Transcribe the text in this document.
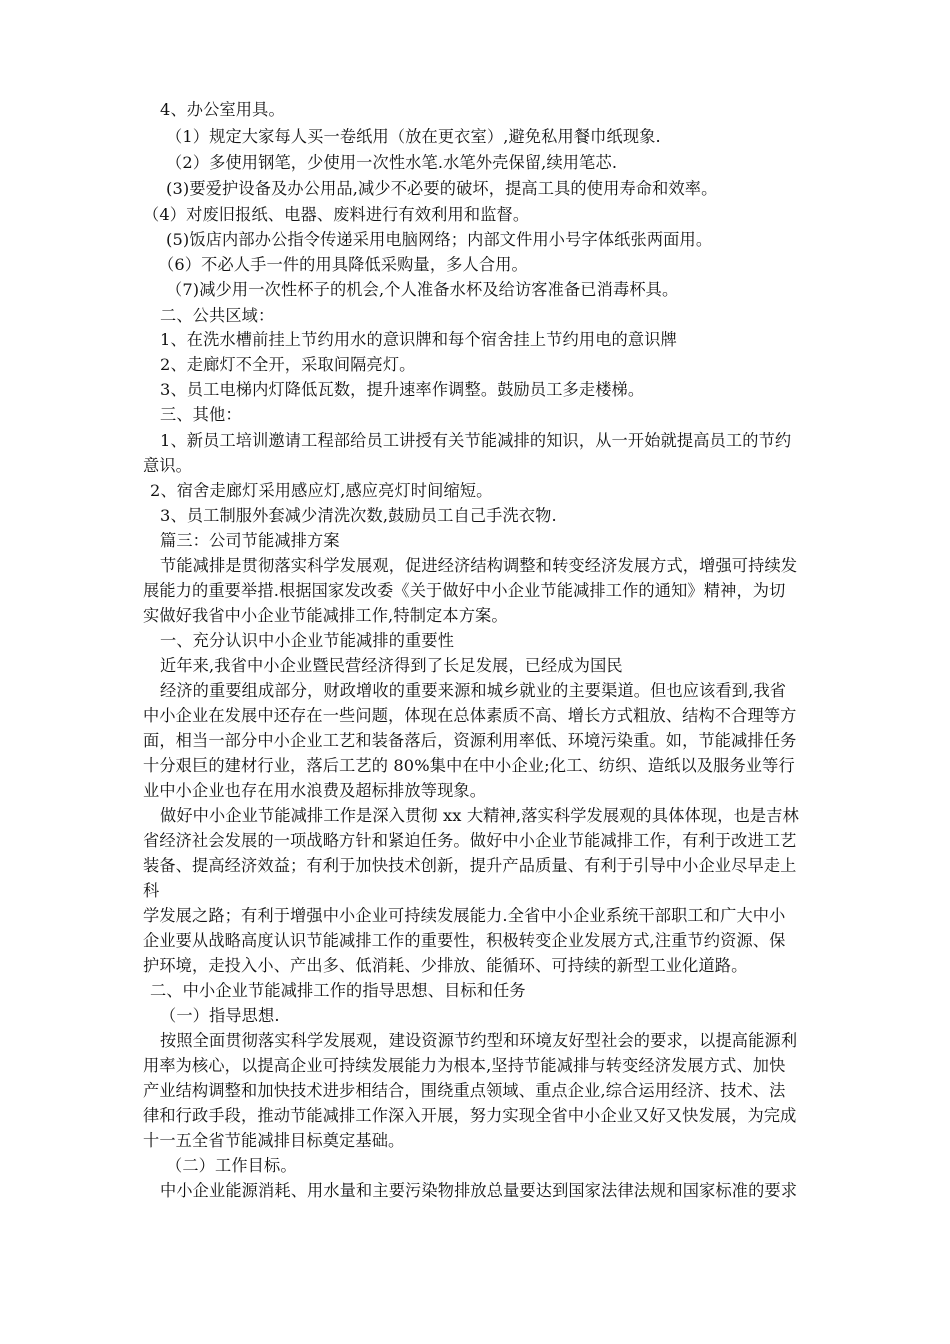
4、办公室用具。
（1）规定大家每人买一卷纸用（放在更衣室）,避免私用餐巾纸现象.
（2）多使用钢笔，少使用一次性水笔.水笔外壳保留,续用笔芯.
(3)要爱护设备及办公用品,减少不必要的破坏，提高工具的使用寿命和效率。
（4）对废旧报纸、电器、废料进行有效利用和监督。
(5)饭店内部办公指令传递采用电脑网络；内部文件用小号字体纸张两面用。
（6）不必人手一件的用具降低采购量，多人合用。
（7)减少用一次性杯子的机会,个人准备水杯及给访客准备已消毒杯具。
二、公共区域：
1、在洗水槽前挂上节约用水的意识牌和每个宿舍挂上节约用电的意识牌
2、走廊灯不全开，采取间隔亮灯。
3、员工电梯内灯降低瓦数，提升速率作调整。鼓励员工多走楼梯。
三、其他：
1、新员工培训邀请工程部给员工讲授有关节能减排的知识，从一开始就提高员工的节约
意识。
2、宿舍走廊灯采用感应灯,感应亮灯时间缩短。
3、员工制服外套减少清洗次数,鼓励员工自己手洗衣物.
篇三：公司节能减排方案
节能减排是贯彻落实科学发展观，促进经济结构调整和转变经济发展方式，增强可持续发
展能力的重要举措.根据国家发改委《关于做好中小企业节能减排工作的通知》精神，为切
实做好我省中小企业节能减排工作,特制定本方案。
一、充分认识中小企业节能减排的重要性
近年来,我省中小企业暨民营经济得到了长足发展，已经成为国民
经济的重要组成部分，财政增收的重要来源和城乡就业的主要渠道。但也应该看到,我省
中小企业在发展中还存在一些问题，体现在总体素质不高、增长方式粗放、结构不合理等方
面，相当一部分中小企业工艺和装备落后，资源利用率低、环境污染重。如，节能减排任务
十分艰巨的建材行业，落后工艺的 80%集中在中小企业;化工、纺织、造纸以及服务业等行
业中小企业也存在用水浪费及超标排放等现象。
做好中小企业节能减排工作是深入贯彻 xx 大精神,落实科学发展观的具体体现，也是吉林
省经济社会发展的一项战略方针和紧迫任务。做好中小企业节能减排工作，有利于改进工艺
装备、提高经济效益；有利于加快技术创新，提升产品质量、有利于引导中小企业尽早走上
科
学发展之路；有利于增强中小企业可持续发展能力.全省中小企业系统干部职工和广大中小
企业要从战略高度认识节能减排工作的重要性，积极转变企业发展方式,注重节约资源、保
护环境，走投入小、产出多、低消耗、少排放、能循环、可持续的新型工业化道路。
二、中小企业节能减排工作的指导思想、目标和任务
（一）指导思想.
按照全面贯彻落实科学发展观，建设资源节约型和环境友好型社会的要求，以提高能源利
用率为核心，以提高企业可持续发展能力为根本,坚持节能减排与转变经济发展方式、加快
产业结构调整和加快技术进步相结合，围绕重点领域、重点企业,综合运用经济、技术、法
律和行政手段，推动节能减排工作深入开展，努力实现全省中小企业又好又快发展，为完成
十一五全省节能减排目标奠定基础。
（二）工作目标。
中小企业能源消耗、用水量和主要污染物排放总量要达到国家法律法规和国家标准的要求
